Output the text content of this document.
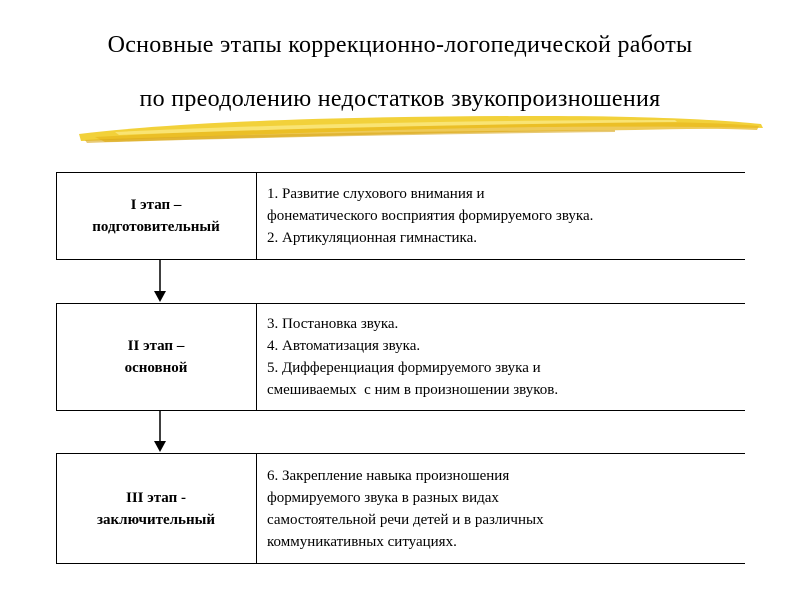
Основные этапы коррекционно-логопедической работы
по преодолению недостатков звукопроизношения
I этап –
подготовительный
1. Развитие слухового внимания и
фонематического восприятия формируемого звука.
2. Артикуляционная гимнастика.
II этап –
основной
3. Постановка звука.
4. Автоматизация звука.
5. Дифференциация формируемого звука и
смешиваемых  с ним в произношении звуков.
III этап -
заключительный
6. Закрепление навыка произношения
формируемого звука в разных видах
самостоятельной речи детей и в различных
коммуникативных ситуациях.
